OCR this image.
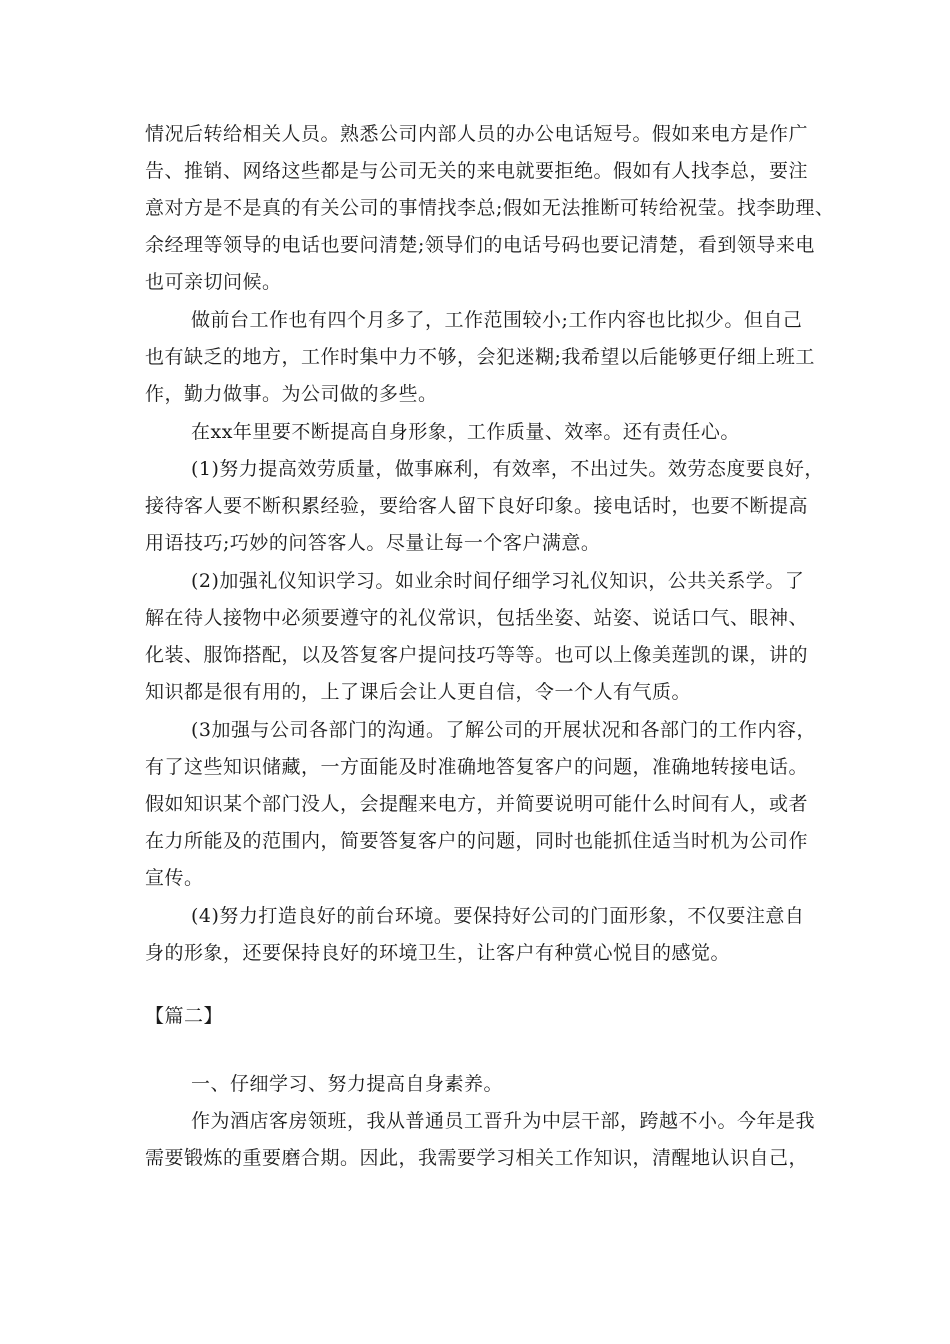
情况后转给相关人员。熟悉公司内部人员的办公电话短号。假如来电方是作广
告、推销、网络这些都是与公司无关的来电就要拒绝。假如有人找李总，要注
意对方是不是真的有关公司的事情找李总;假如无法推断可转给祝莹。找李助理、
余经理等领导的电话也要问清楚;领导们的电话号码也要记清楚，看到领导来电
也可亲切问候。
做前台工作也有四个月多了，工作范围较小;工作内容也比拟少。但自己
也有缺乏的地方，工作时集中力不够，会犯迷糊;我希望以后能够更仔细上班工
作，勤力做事。为公司做的多些。
在xx年里要不断提高自身形象，工作质量、效率。还有责任心。
(1)努力提高效劳质量，做事麻利，有效率，不出过失。效劳态度要良好，
接待客人要不断积累经验，要给客人留下良好印象。接电话时，也要不断提高
用语技巧;巧妙的问答客人。尽量让每一个客户满意。
(2)加强礼仪知识学习。如业余时间仔细学习礼仪知识，公共关系学。了
解在待人接物中必须要遵守的礼仪常识，包括坐姿、站姿、说话口气、眼神、
化装、服饰搭配，以及答复客户提问技巧等等。也可以上像美莲凯的课，讲的
知识都是很有用的，上了课后会让人更自信，令一个人有气质。
(3加强与公司各部门的沟通。了解公司的开展状况和各部门的工作内容，
有了这些知识储藏，一方面能及时准确地答复客户的问题，准确地转接电话。
假如知识某个部门没人，会提醒来电方，并简要说明可能什么时间有人，或者
在力所能及的范围内，简要答复客户的问题，同时也能抓住适当时机为公司作
宣传。
(4)努力打造良好的前台环境。要保持好公司的门面形象，不仅要注意自
身的形象，还要保持良好的环境卫生，让客户有种赏心悦目的感觉。
【篇二】
一、仔细学习、努力提高自身素养。
作为酒店客房领班，我从普通员工晋升为中层干部，跨越不小。今年是我
需要锻炼的重要磨合期。因此，我需要学习相关工作知识，清醒地认识自己，
